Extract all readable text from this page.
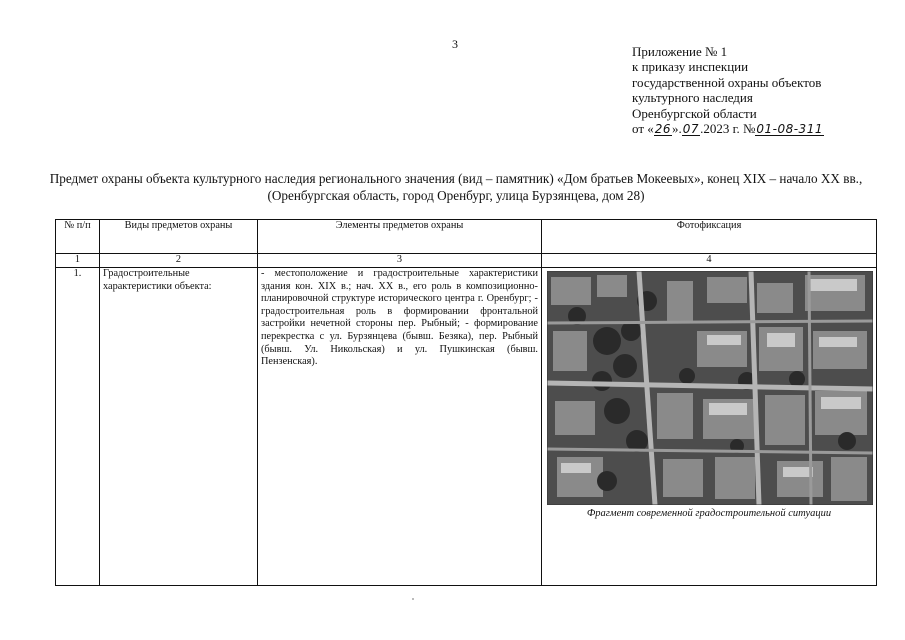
3	Приложение № 1
к приказу инспекции
государственной охраны объектов
культурного наследия
Оренбургской области
от «26».07.2023 г. №01-08-311
Предмет охраны объекта культурного наследия регионального значения (вид – памятник) «Дом братьев Мокеевых», конец XIX – начало XX вв., (Оренбургская область, город Оренбург, улица Бурзянцева, дом 28)
№ п/п	Виды предметов охраны	Элементы предметов охраны	Фотофиксация
1	2	3	4
1.	Градостроительные характеристики объекта:	- местоположение и градостроительные характеристики здания кон. XIX в.; нач. XX в., его роль в композиционно-планировочной структуре исторического центра г. Оренбург; - градостроительная роль в формировании фронтальной застройки нечетной стороны пер. Рыбный; - формирование перекрестка с ул. Бурзянцева (бывш. Безяка), пер. Рыбный (бывш. Ул. Никольская) и ул. Пушкинская (бывш. Пензенская).	Фрагмент современной градостроительной ситуации
